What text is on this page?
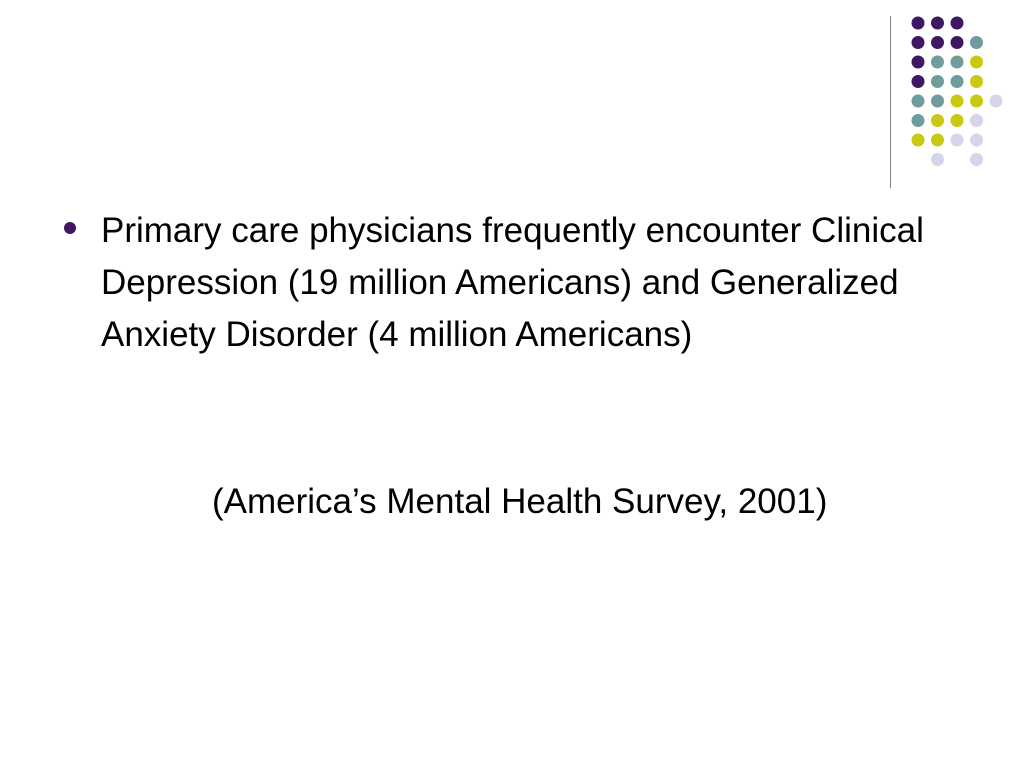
Primary care physicians frequently encounter Clinical Depression (19 million Americans) and Generalized Anxiety Disorder (4 million Americans)
(America’s Mental Health Survey, 2001)
